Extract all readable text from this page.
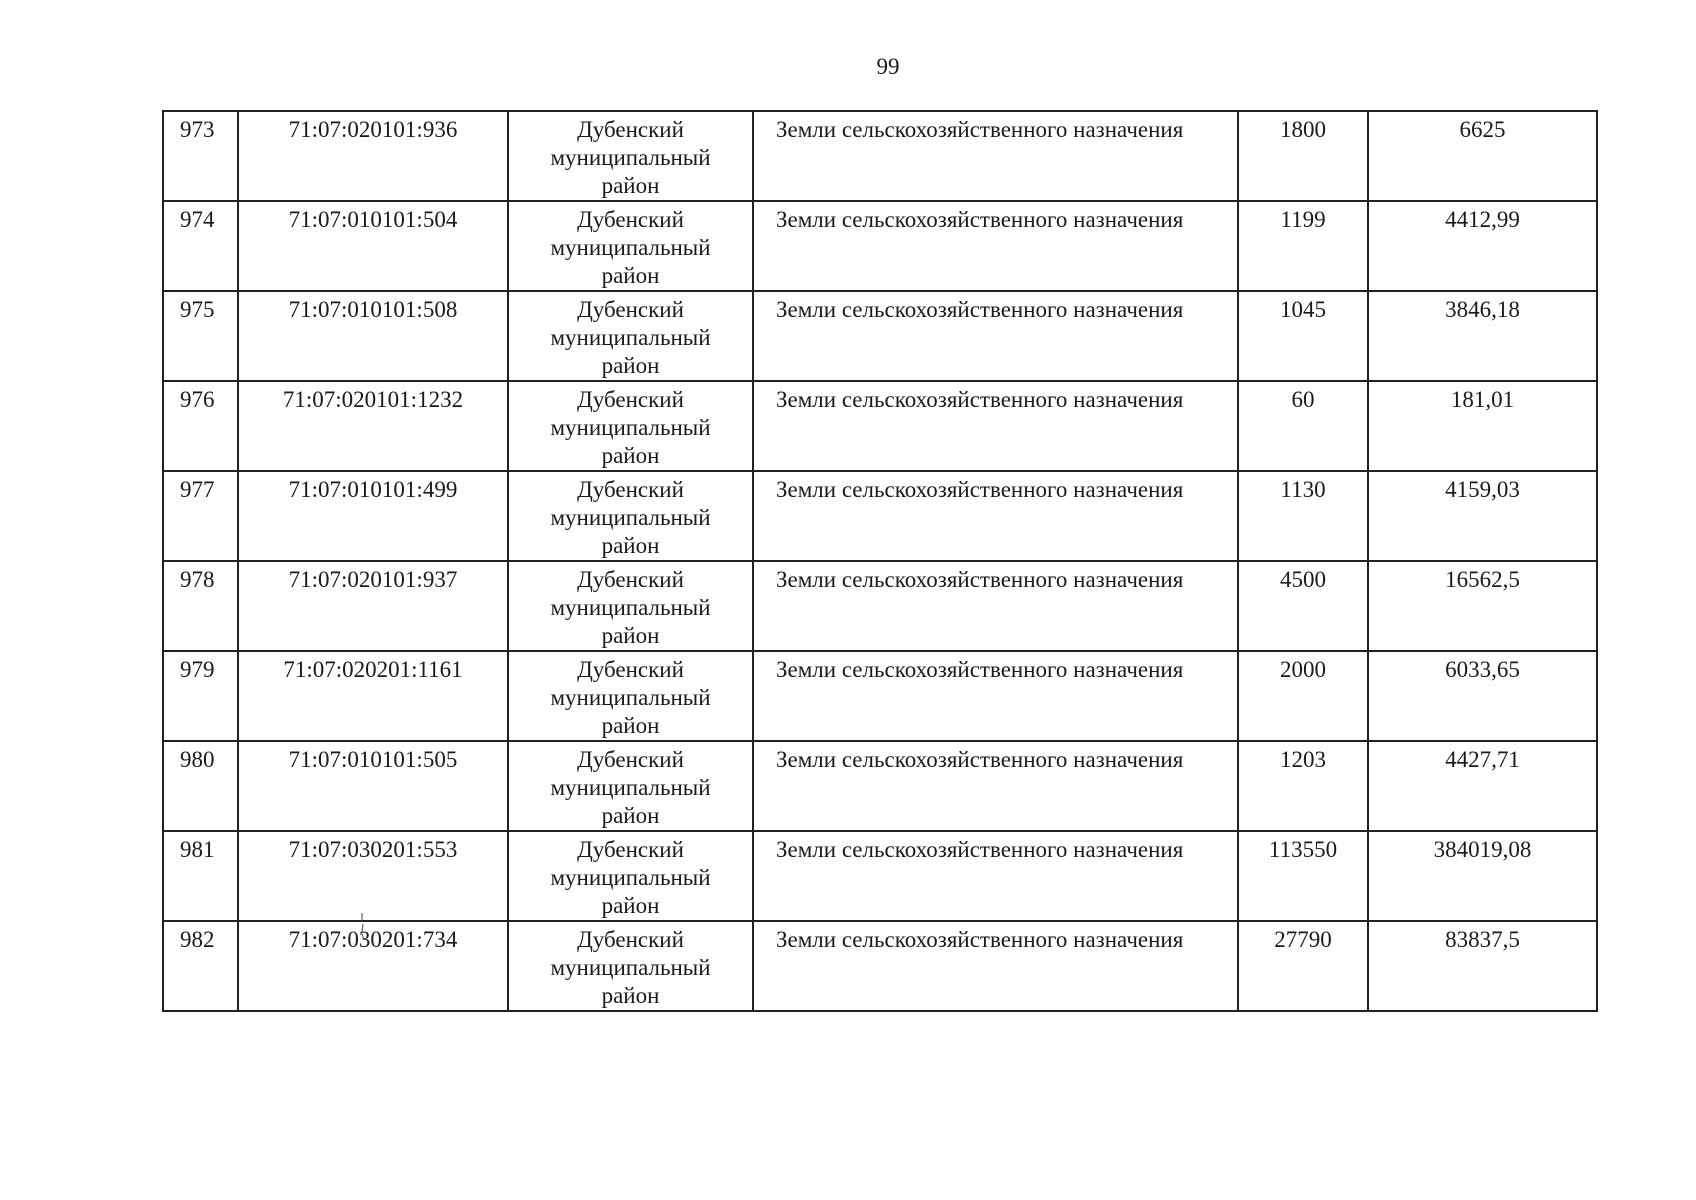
99
973	71:07:020101:936	Дубенский
муниципальный
район	Земли сельскохозяйственного назначения	1800	6625
974	71:07:010101:504	Дубенский
муниципальный
район	Земли сельскохозяйственного назначения	1199	4412,99
975	71:07:010101:508	Дубенский
муниципальный
район	Земли сельскохозяйственного назначения	1045	3846,18
976	71:07:020101:1232	Дубенский
муниципальный
район	Земли сельскохозяйственного назначения	60	181,01
977	71:07:010101:499	Дубенский
муниципальный
район	Земли сельскохозяйственного назначения	1130	4159,03
978	71:07:020101:937	Дубенский
муниципальный
район	Земли сельскохозяйственного назначения	4500	16562,5
979	71:07:020201:1161	Дубенский
муниципальный
район	Земли сельскохозяйственного назначения	2000	6033,65
980	71:07:010101:505	Дубенский
муниципальный
район	Земли сельскохозяйственного назначения	1203	4427,71
981	71:07:030201:553	Дубенский
муниципальный
район	Земли сельскохозяйственного назначения	113550	384019,08
982	71:07:030201:734	Дубенский
муниципальный
район	Земли сельскохозяйственного назначения	27790	83837,5
